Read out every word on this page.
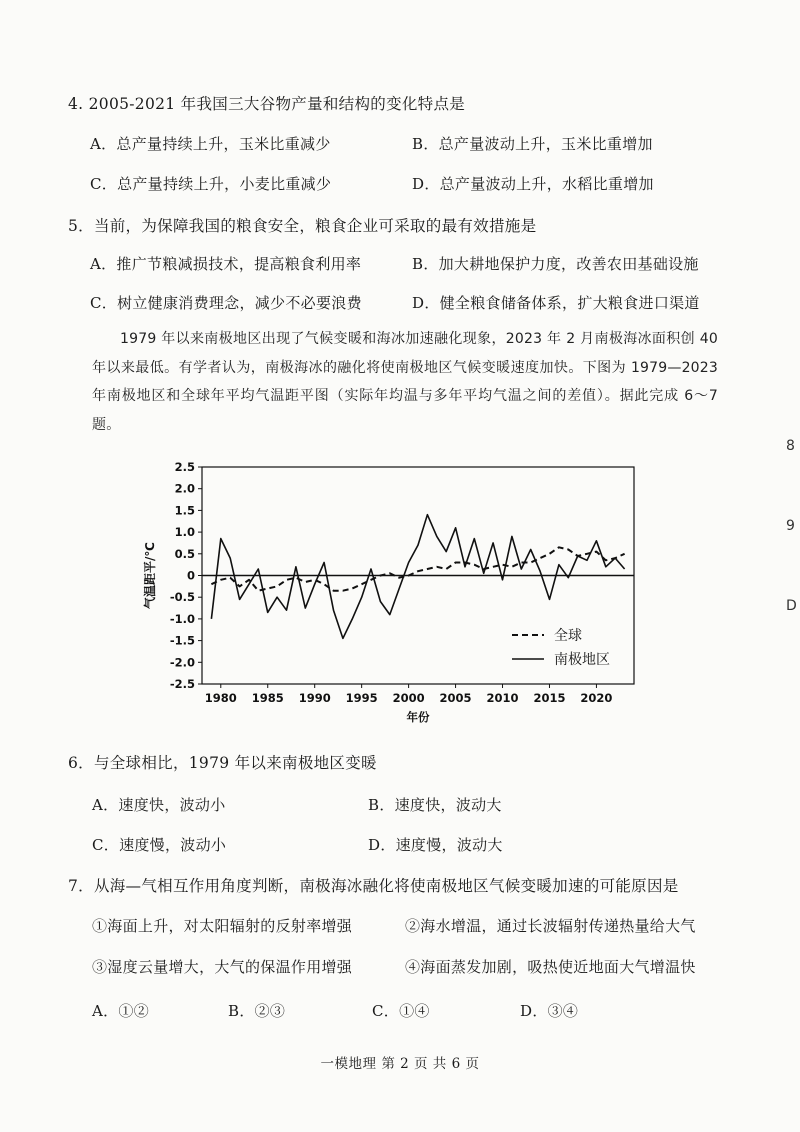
4. 2005-2021 年我国三大谷物产量和结构的变化特点是
A．总产量持续上升，玉米比重减少	B．总产量波动上升，玉米比重增加
C．总产量持续上升，小麦比重减少	D．总产量波动上升，水稻比重增加
5．当前，为保障我国的粮食安全，粮食企业可采取的最有效措施是
A．推广节粮减损技术，提高粮食利用率	B．加大耕地保护力度，改善农田基础设施
C．树立健康消费理念，减少不必要浪费	D．健全粮食储备体系，扩大粮食进口渠道

1979 年以来南极地区出现了气候变暖和海冰加速融化现象，2023 年 2 月南极海冰面积创 40 年以来最低。有学者认为，南极海冰的融化将使南极地区气候变暖速度加快。下图为 1979—2023 年南极地区和全球年平均气温距平图（实际年均温与多年平均气温之间的差值）。据此完成 6～7 题。

2.5
2.0
1.5
1.0
0.5
0
-0.5
-1.0
-1.5
-2.0
-2.5
1980 1985 1990 1995 2000 2005 2010 2015 2020
年份
气温距平/℃
全球
南极地区
6．与全球相比，1979 年以来南极地区变暖
A．速度快，波动小	B．速度快，波动大
C．速度慢，波动小	D．速度慢，波动大
7．从海—气相互作用角度判断，南极海冰融化将使南极地区气候变暖加速的可能原因是
①海面上升，对太阳辐射的反射率增强	②海水增温，通过长波辐射传递热量给大气
③湿度云量增大，大气的保温作用增强	④海面蒸发加剧，吸热使近地面大气增温快
A．①②	B．②③	C．①④	D．③④
8
9
D
一模地理 第 2 页 共 6 页
